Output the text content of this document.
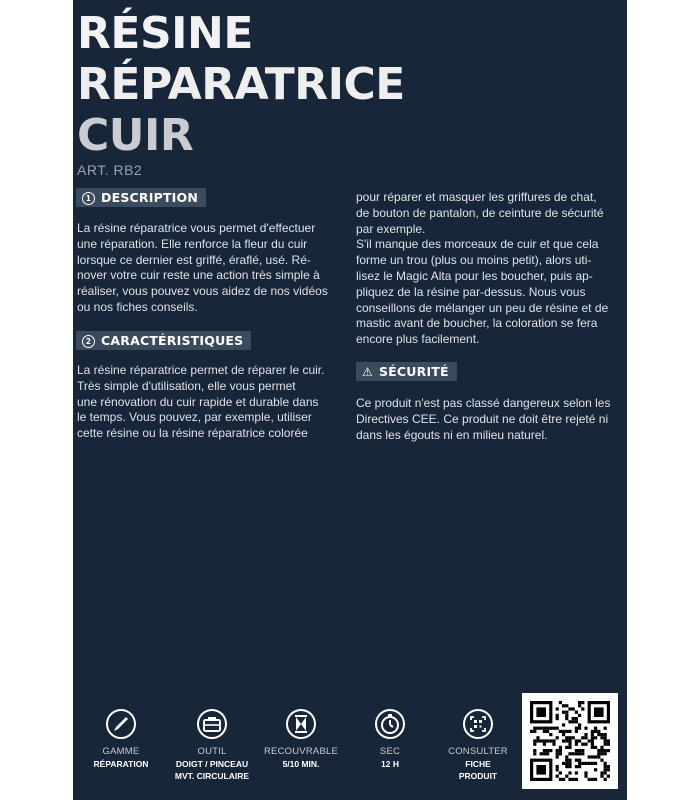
RÉSINE
RÉPARATRICE
CUIR
ART. RB2
1 DESCRIPTION
La résine réparatrice vous permet d'effectuer
une réparation. Elle renforce la fleur du cuir
lorsque ce dernier est griffé, éraflé, usé. Ré-
nover votre cuir reste une action très simple à
réaliser, vous pouvez vous aidez de nos vidéos
ou nos fiches conseils.
2 CARACTÉRISTIQUES
La résine réparatrice permet de réparer le cuir.
Très simple d'utilisation, elle vous permet
une rénovation du cuir rapide et durable dans
le temps. Vous pouvez, par exemple, utiliser
cette résine ou la résine réparatrice colorée
pour réparer et masquer les griffures de chat,
de bouton de pantalon, de ceinture de sécurité
par exemple.
S'il manque des morceaux de cuir et que cela
forme un trou (plus ou moins petit), alors uti-
lisez le Magic Alta pour les boucher, puis ap-
pliquez de la résine par-dessus. Nous vous
conseillons de mélanger un peu de résine et de
mastic avant de boucher, la coloration se fera
encore plus facilement.
⚠ SÉCURITÉ
Ce produit n'est pas classé dangereux selon les
Directives CEE. Ce produit ne doit être rejeté ni
dans les égouts ni en milieu naturel.
GAMME
RÉPARATION
OUTIL
DOIGT / PINCEAU
MVT. CIRCULAIRE
RECOUVRABLE
5/10 MIN.
SEC
12 H
CONSULTER
FICHE
PRODUIT
